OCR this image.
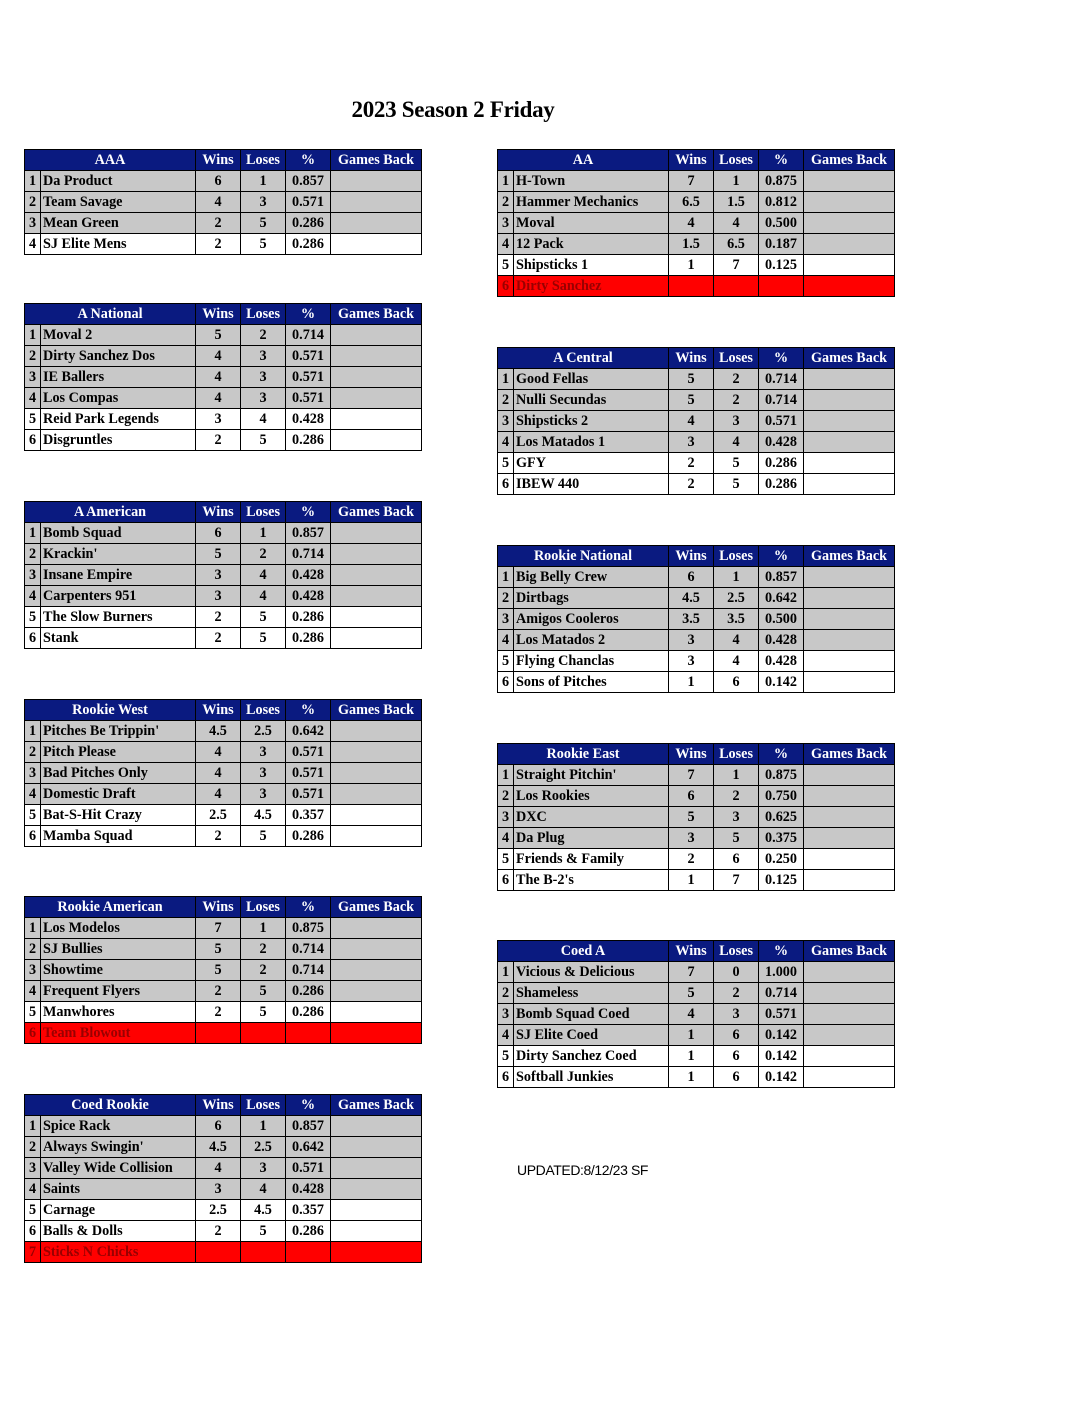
2023 Season 2 Friday
AAA		Wins	Loses	%	Games Back
1	Da Product	6	1	0.857	
2	Team Savage	4	3	0.571	
3	Mean Green	2	5	0.286	
4	SJ Elite Mens	2	5	0.286	
A National		Wins	Loses	%	Games Back
1	Moval 2	5	2	0.714	
2	Dirty Sanchez Dos	4	3	0.571	
3	IE Ballers	4	3	0.571	
4	Los Compas	4	3	0.571	
5	Reid Park Legends	3	4	0.428	
6	Disgruntles	2	5	0.286	
A American		Wins	Loses	%	Games Back
1	Bomb Squad	6	1	0.857	
2	Krackin'	5	2	0.714	
3	Insane Empire	3	4	0.428	
4	Carpenters 951	3	4	0.428	
5	The Slow Burners	2	5	0.286	
6	Stank	2	5	0.286	
Rookie West		Wins	Loses	%	Games Back
1	Pitches Be Trippin'	4.5	2.5	0.642	
2	Pitch Please	4	3	0.571	
3	Bad Pitches Only	4	3	0.571	
4	Domestic Draft	4	3	0.571	
5	Bat-S-Hit Crazy	2.5	4.5	0.357	
6	Mamba Squad	2	5	0.286	
Rookie American		Wins	Loses	%	Games Back
1	Los Modelos	7	1	0.875	
2	SJ Bullies	5	2	0.714	
3	Showtime	5	2	0.714	
4	Frequent Flyers	2	5	0.286	
5	Manwhores	2	5	0.286	
6	Team Blowout				
Coed Rookie		Wins	Loses	%	Games Back
1	Spice Rack	6	1	0.857	
2	Always Swingin'	4.5	2.5	0.642	
3	Valley Wide Collision	4	3	0.571	
4	Saints	3	4	0.428	
5	Carnage	2.5	4.5	0.357	
6	Balls & Dolls	2	5	0.286	
7	Sticks N Chicks				
AA		Wins	Loses	%	Games Back
1	H-Town	7	1	0.875	
2	Hammer Mechanics	6.5	1.5	0.812	
3	Moval	4	4	0.500	
4	12 Pack	1.5	6.5	0.187	
5	Shipsticks 1	1	7	0.125	
6	Dirty Sanchez				
A Central		Wins	Loses	%	Games Back
1	Good Fellas	5	2	0.714	
2	Nulli Secundas	5	2	0.714	
3	Shipsticks 2	4	3	0.571	
4	Los Matados 1	3	4	0.428	
5	GFY	2	5	0.286	
6	IBEW 440	2	5	0.286	
Rookie National		Wins	Loses	%	Games Back
1	Big Belly Crew	6	1	0.857	
2	Dirtbags	4.5	2.5	0.642	
3	Amigos Cooleros	3.5	3.5	0.500	
4	Los Matados 2	3	4	0.428	
5	Flying Chanclas	3	4	0.428	
6	Sons of Pitches	1	6	0.142	
Rookie East		Wins	Loses	%	Games Back
1	Straight Pitchin'	7	1	0.875	
2	Los Rookies	6	2	0.750	
3	DXC	5	3	0.625	
4	Da Plug	3	5	0.375	
5	Friends & Family	2	6	0.250	
6	The B-2's	1	7	0.125	
Coed A		Wins	Loses	%	Games Back
1	Vicious & Delicious	7	0	1.000	
2	Shameless	5	2	0.714	
3	Bomb Squad Coed	4	3	0.571	
4	SJ Elite Coed	1	6	0.142	
5	Dirty Sanchez Coed	1	6	0.142	
6	Softball Junkies	1	6	0.142	
UPDATED:8/12/23 SF
